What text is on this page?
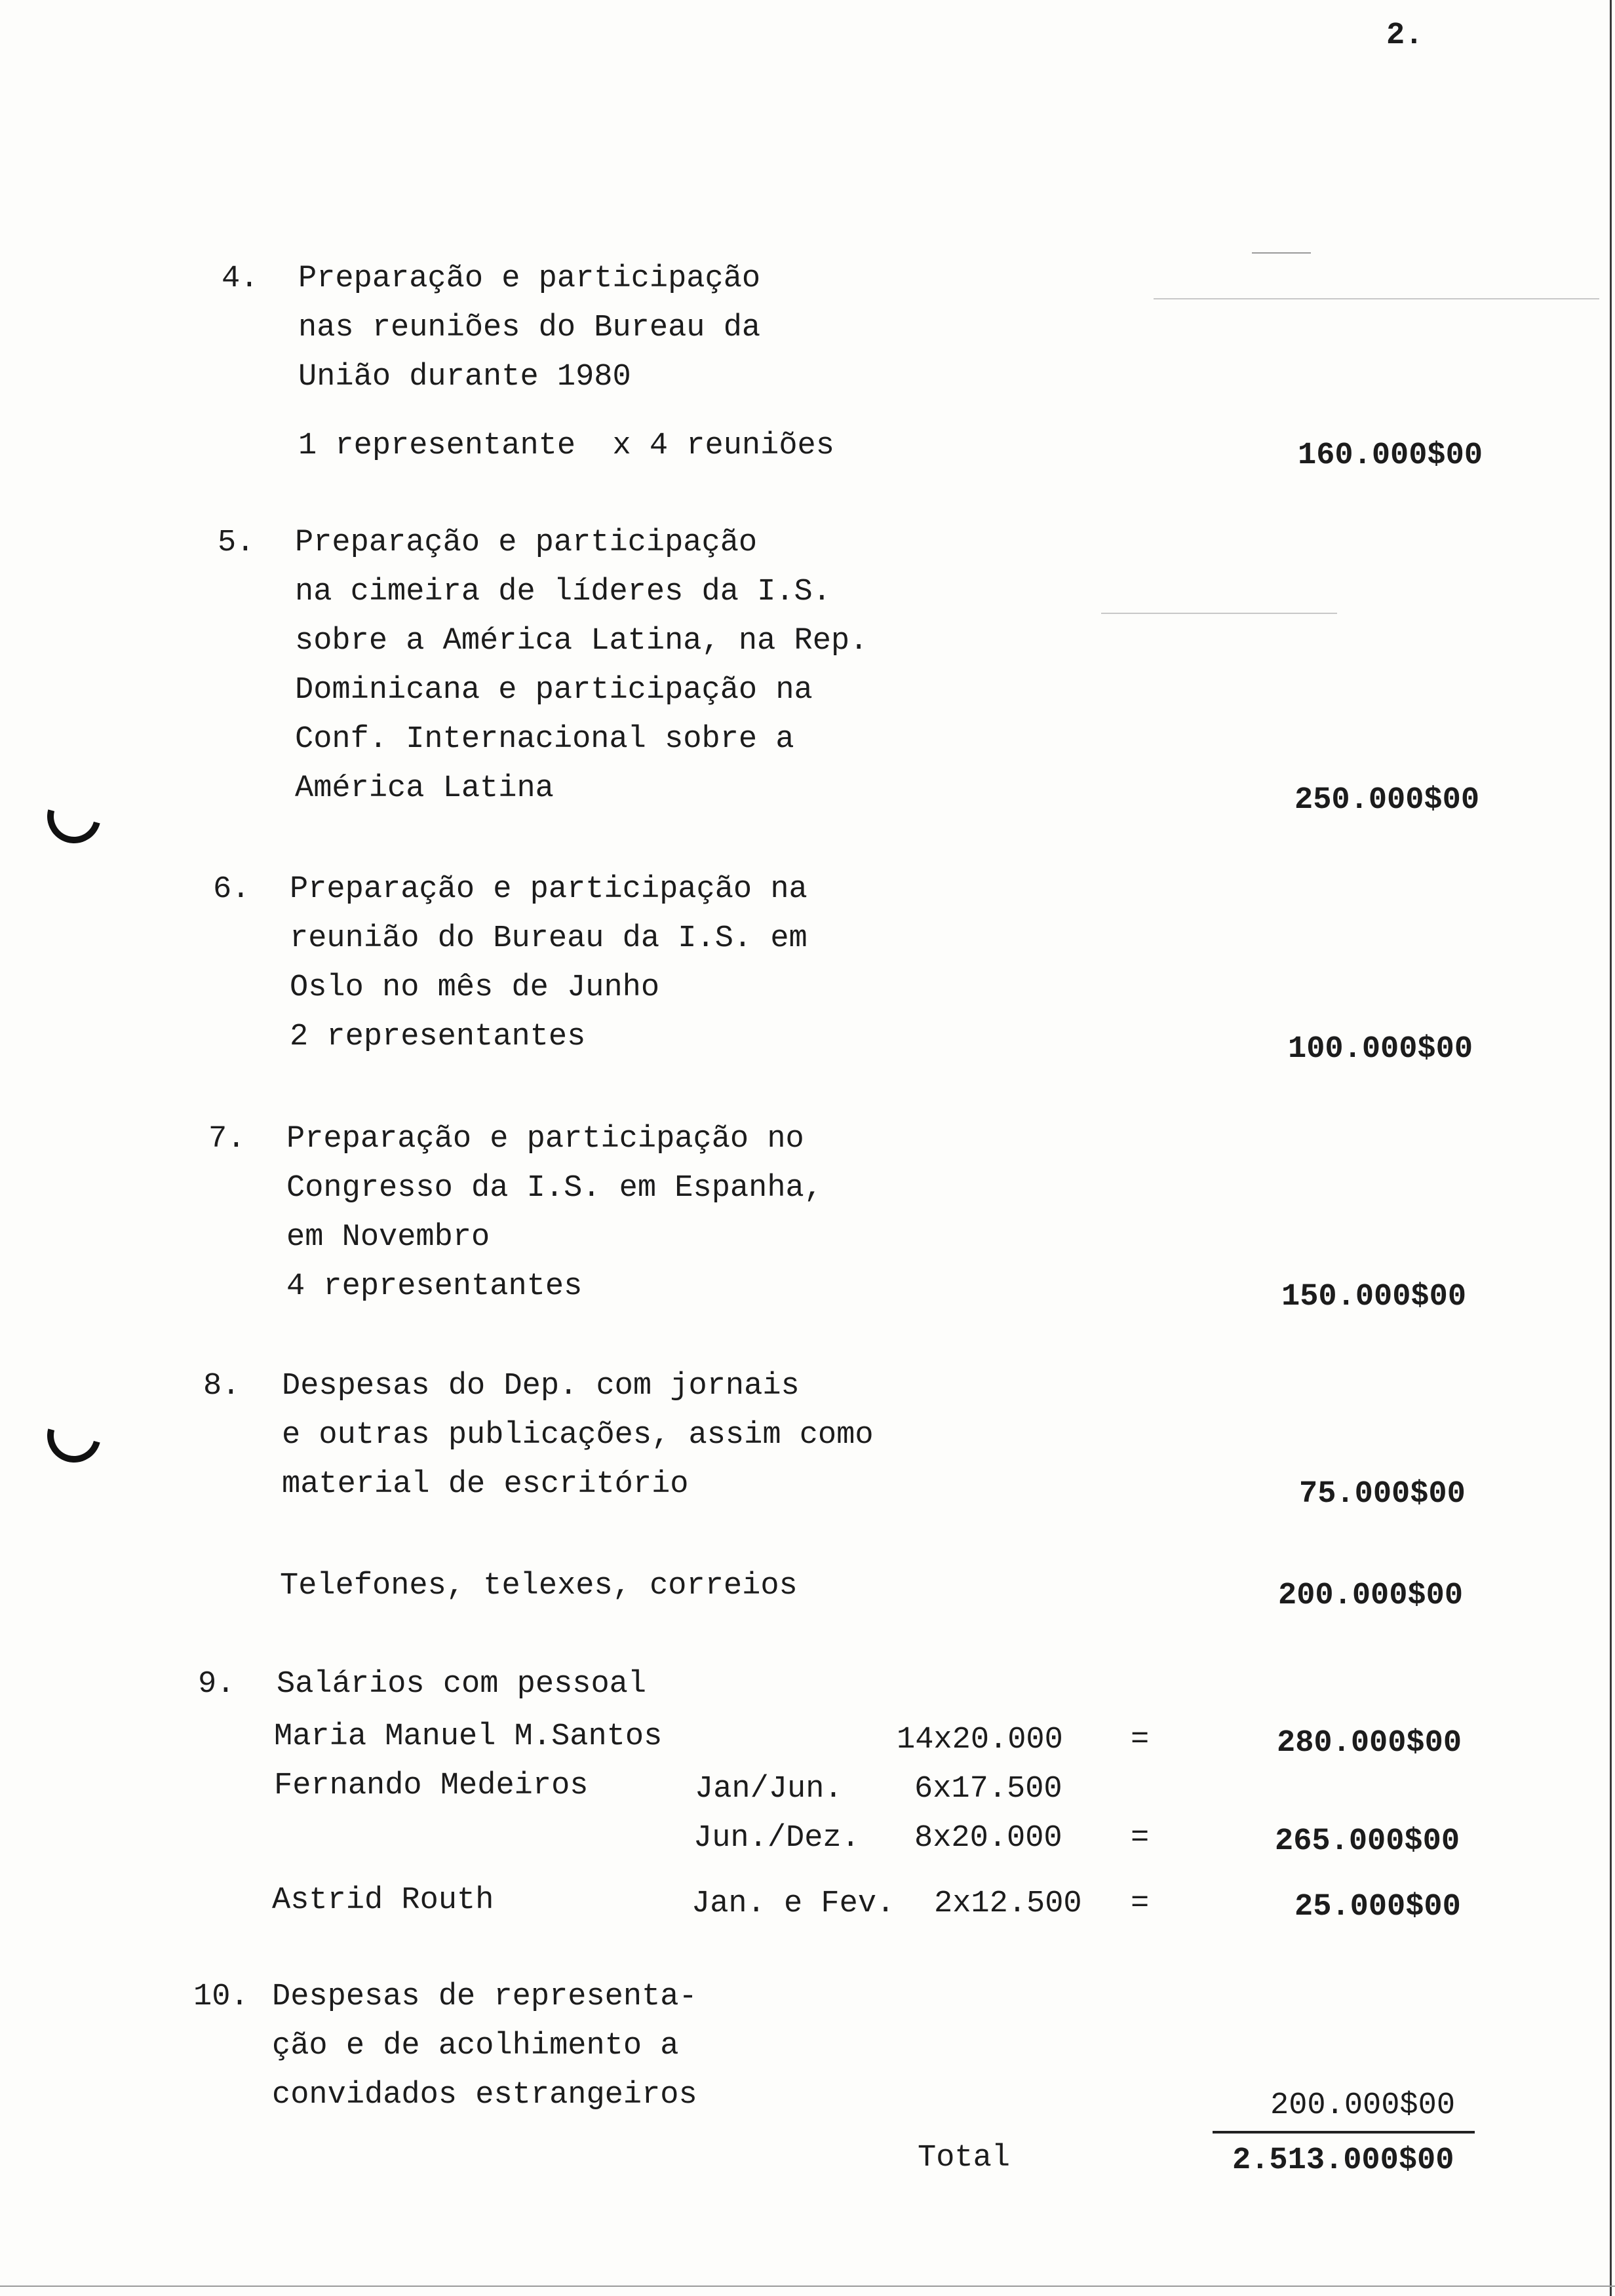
2.
4. Preparação e participação
nas reuniões do Bureau da
União durante 1980
1 representante  x 4 reuniões	160.000$00
5. Preparação e participação
na cimeira de líderes da I.S.
sobre a América Latina, na Rep.
Dominicana e participação na
Conf. Internacional sobre a
América Latina	250.000$00
6. Preparação e participação na
reunião do Bureau da I.S. em
Oslo no mês de Junho
2 representantes	100.000$00
7. Preparação e participação no
Congresso da I.S. em Espanha,
em Novembro
4 representantes	150.000$00
8. Despesas do Dep. com jornais
e outras publicações, assim como
material de escritório	75.000$00
Telefones, telexes, correios	200.000$00
9. Salários com pessoal
Maria Manuel M.Santos	14x20.000 =	280.000$00
Fernando Medeiros	Jan/Jun. 6x17.500
Jun./Dez. 8x20.000 =	265.000$00
Astrid Routh	Jan. e Fev. 2x12.500 =	25.000$00
10. Despesas de representa-
ção e de acolhimento a
convidados estrangeiros	200.000$00
Total	2.513.000$00
